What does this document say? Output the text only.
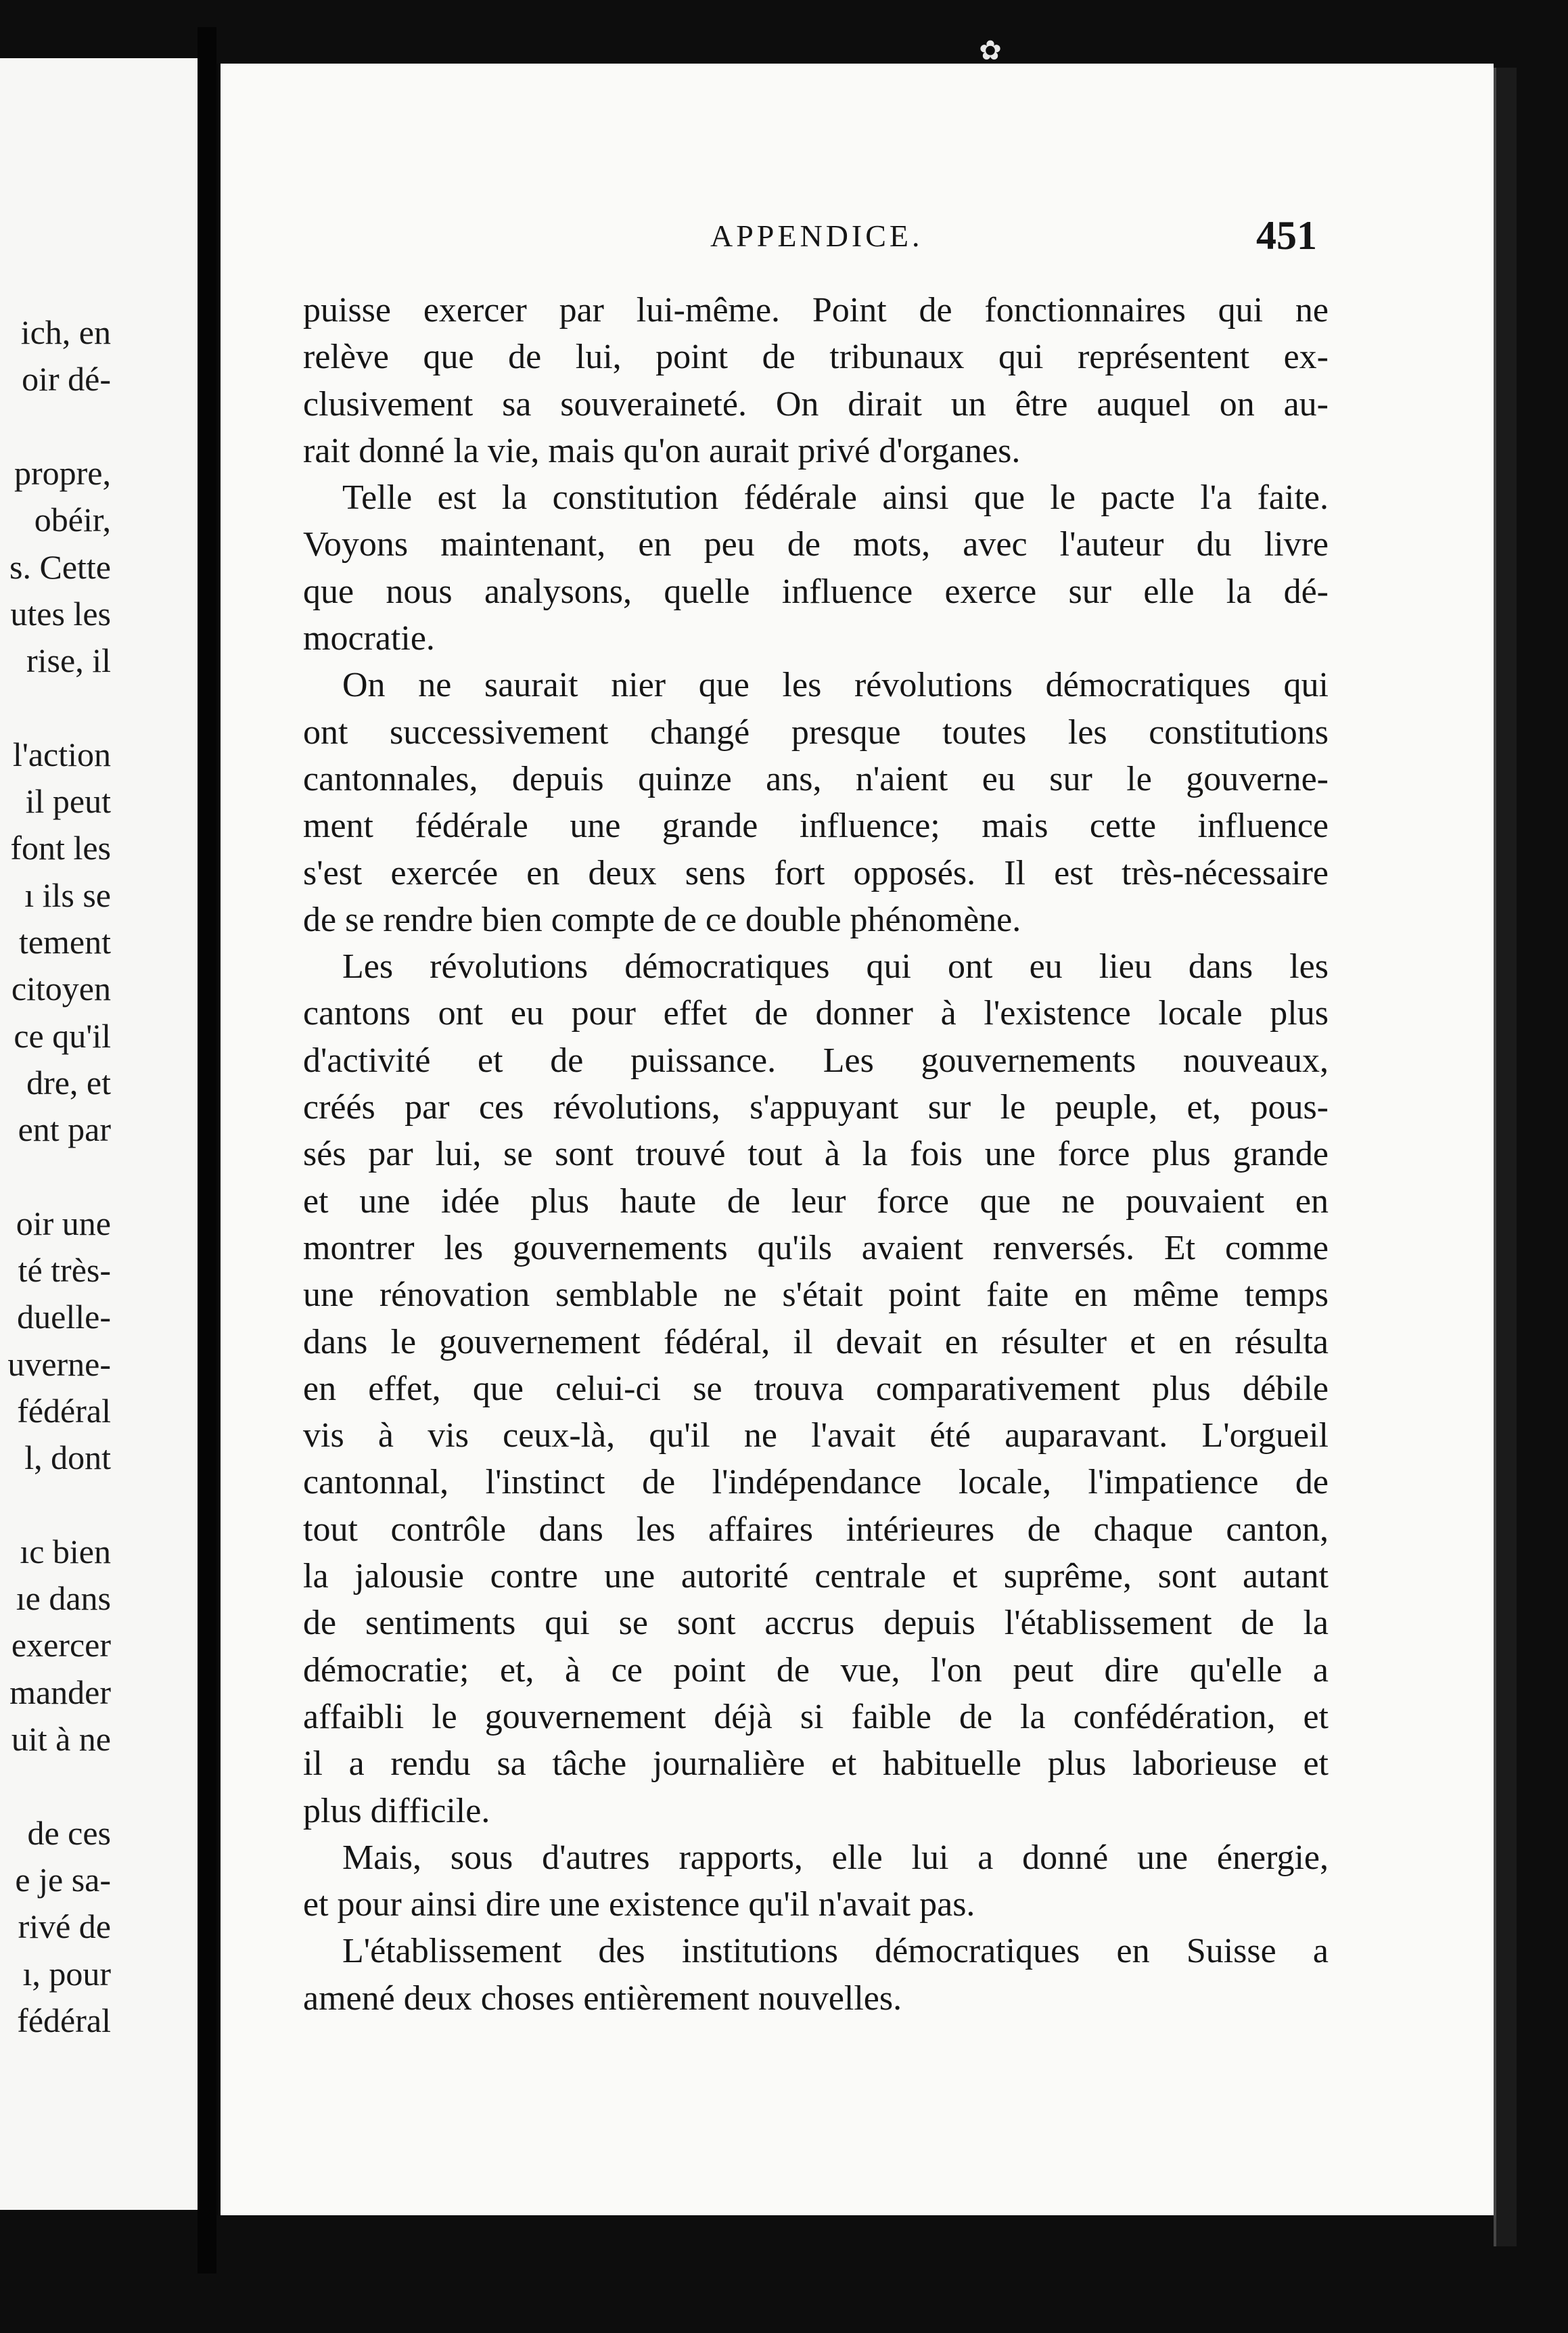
ich, en
oir dé-
propre,
obéir,
s. Cette
utes les
rise, il
l'action
il peut
font les
ı ils se
tement
citoyen
ce qu'il
dre, et
ent par
oir une
té très-
duelle-
uverne-
fédéral
l, dont
ıc bien
ıe dans
exercer
mander
uit à ne
de ces
e je sa-
rivé de
ı, pour
fédéral
✿
APPENDICE.	451
puisse exercer par lui-même. Point de fonctionnaires qui ne
relève que de lui, point de tribunaux qui représentent ex-
clusivement sa souveraineté. On dirait un être auquel on au-
rait donné la vie, mais qu'on aurait privé d'organes.
Telle est la constitution fédérale ainsi que le pacte l'a faite.
Voyons maintenant, en peu de mots, avec l'auteur du livre
que nous analysons, quelle influence exerce sur elle la dé-
mocratie.
On ne saurait nier que les révolutions démocratiques qui
ont successivement changé presque toutes les constitutions
cantonnales, depuis quinze ans, n'aient eu sur le gouverne-
ment fédérale une grande influence; mais cette influence
s'est exercée en deux sens fort opposés. Il est très-nécessaire
de se rendre bien compte de ce double phénomène.
Les révolutions démocratiques qui ont eu lieu dans les
cantons ont eu pour effet de donner à l'existence locale plus
d'activité et de puissance. Les gouvernements nouveaux,
créés par ces révolutions, s'appuyant sur le peuple, et, pous-
sés par lui, se sont trouvé tout à la fois une force plus grande
et une idée plus haute de leur force que ne pouvaient en
montrer les gouvernements qu'ils avaient renversés. Et comme
une rénovation semblable ne s'était point faite en même temps
dans le gouvernement fédéral, il devait en résulter et en résulta
en effet, que celui-ci se trouva comparativement plus débile
vis à vis ceux-là, qu'il ne l'avait été auparavant. L'orgueil
cantonnal, l'instinct de l'indépendance locale, l'impatience de
tout contrôle dans les affaires intérieures de chaque canton,
la jalousie contre une autorité centrale et suprême, sont autant
de sentiments qui se sont accrus depuis l'établissement de la
démocratie; et, à ce point de vue, l'on peut dire qu'elle a
affaibli le gouvernement déjà si faible de la confédération, et
il a rendu sa tâche journalière et habituelle plus laborieuse et
plus difficile.
Mais, sous d'autres rapports, elle lui a donné une énergie,
et pour ainsi dire une existence qu'il n'avait pas.
L'établissement des institutions démocratiques en Suisse a
amené deux choses entièrement nouvelles.
